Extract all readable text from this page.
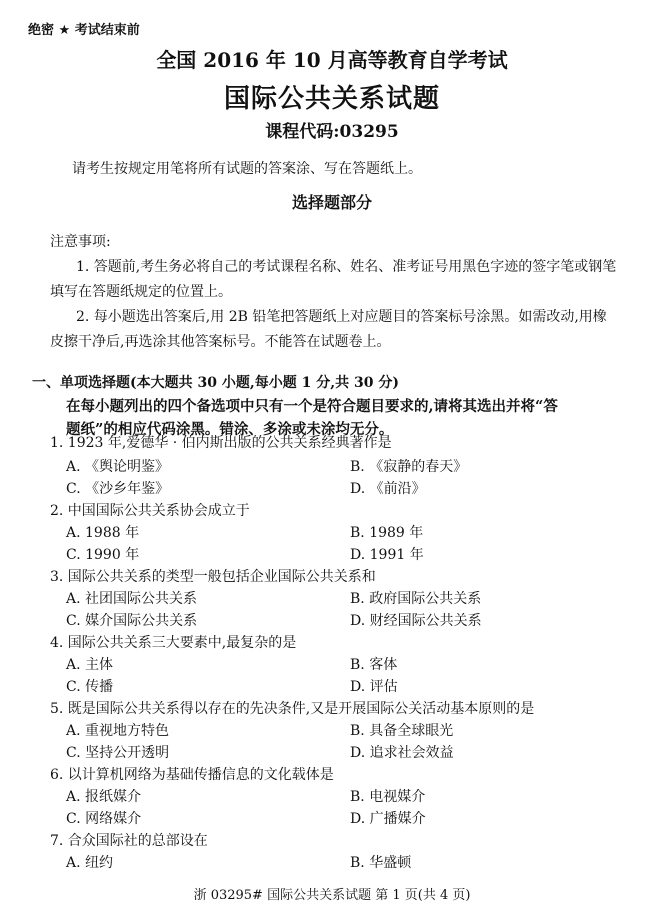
绝密 ★ 考试结束前
全国 2016 年 10 月高等教育自学考试
国际公共关系试题
课程代码:03295
请考生按规定用笔将所有试题的答案涂、写在答题纸上。
选择题部分
注意事项:
1. 答题前,考生务必将自己的考试课程名称、姓名、准考证号用黑色字迹的签字笔或钢笔
填写在答题纸规定的位置上。
2. 每小题选出答案后,用 2B 铅笔把答题纸上对应题目的答案标号涂黑。如需改动,用橡
皮擦干净后,再选涂其他答案标号。不能答在试题卷上。
一、单项选择题(本大题共 30 小题,每小题 1 分,共 30 分)
在每小题列出的四个备选项中只有一个是符合题目要求的,请将其选出并将“答
题纸”的相应代码涂黑。错涂、多涂或未涂均无分。
1. 1923 年,爱德华 · 伯内斯出版的公共关系经典著作是
A. 《舆论明鉴》	B. 《寂静的春天》
C. 《沙乡年鉴》	D. 《前沿》
2. 中国国际公共关系协会成立于
A. 1988 年	B. 1989 年
C. 1990 年	D. 1991 年
3. 国际公共关系的类型一般包括企业国际公共关系和
A. 社团国际公共关系	B. 政府国际公共关系
C. 媒介国际公共关系	D. 财经国际公共关系
4. 国际公共关系三大要素中,最复杂的是
A. 主体	B. 客体
C. 传播	D. 评估
5. 既是国际公共关系得以存在的先决条件,又是开展国际公关活动基本原则的是
A. 重视地方特色	B. 具备全球眼光
C. 坚持公开透明	D. 追求社会效益
6. 以计算机网络为基础传播信息的文化载体是
A. 报纸媒介	B. 电视媒介
C. 网络媒介	D. 广播媒介
7. 合众国际社的总部设在
A. 纽约	B. 华盛顿
浙 03295# 国际公共关系试题 第 1 页(共 4 页)
